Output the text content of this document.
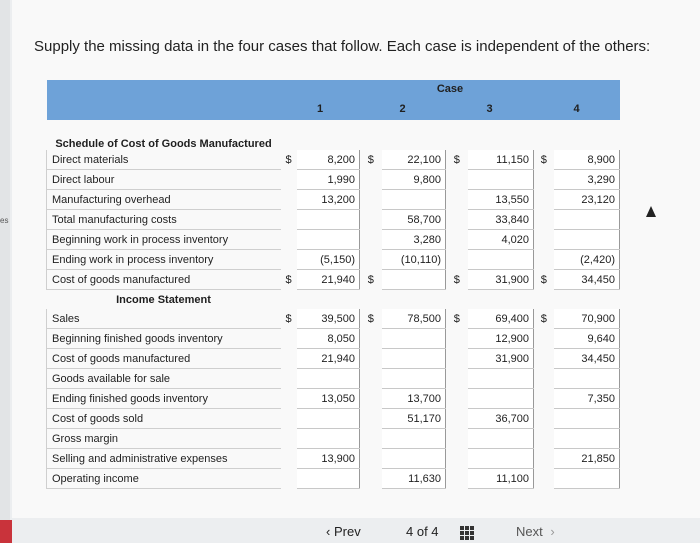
es
Supply the missing data in the four cases that follow. Each case is independent of the others:
	Case							
	1		2		3		4	
Schedule of Cost of Goods Manufactured								
Direct materials	$	8,200	$	22,100	$	11,150	$	8,900
Direct labour		1,990		9,800				3,290
Manufacturing overhead		13,200				13,550		23,120
Total manufacturing costs				58,700		33,840		
Beginning work in process inventory				3,280		4,020		
Ending work in process inventory		(5,150)		(10,110)				(2,420)
Cost of goods manufactured	$	21,940	$		$	31,900	$	34,450
Income Statement								
Sales	$	39,500	$	78,500	$	69,400	$	70,900
Beginning finished goods inventory		8,050				12,900		9,640
Cost of goods manufactured		21,940				31,900		34,450
Goods available for sale								
Ending finished goods inventory		13,050		13,700				7,350
Cost of goods sold				51,170		36,700		
Gross margin								
Selling and administrative expenses		13,900						21,850
Operating income				11,630		11,100		
‹ Prev	4 of 4	Next ›
